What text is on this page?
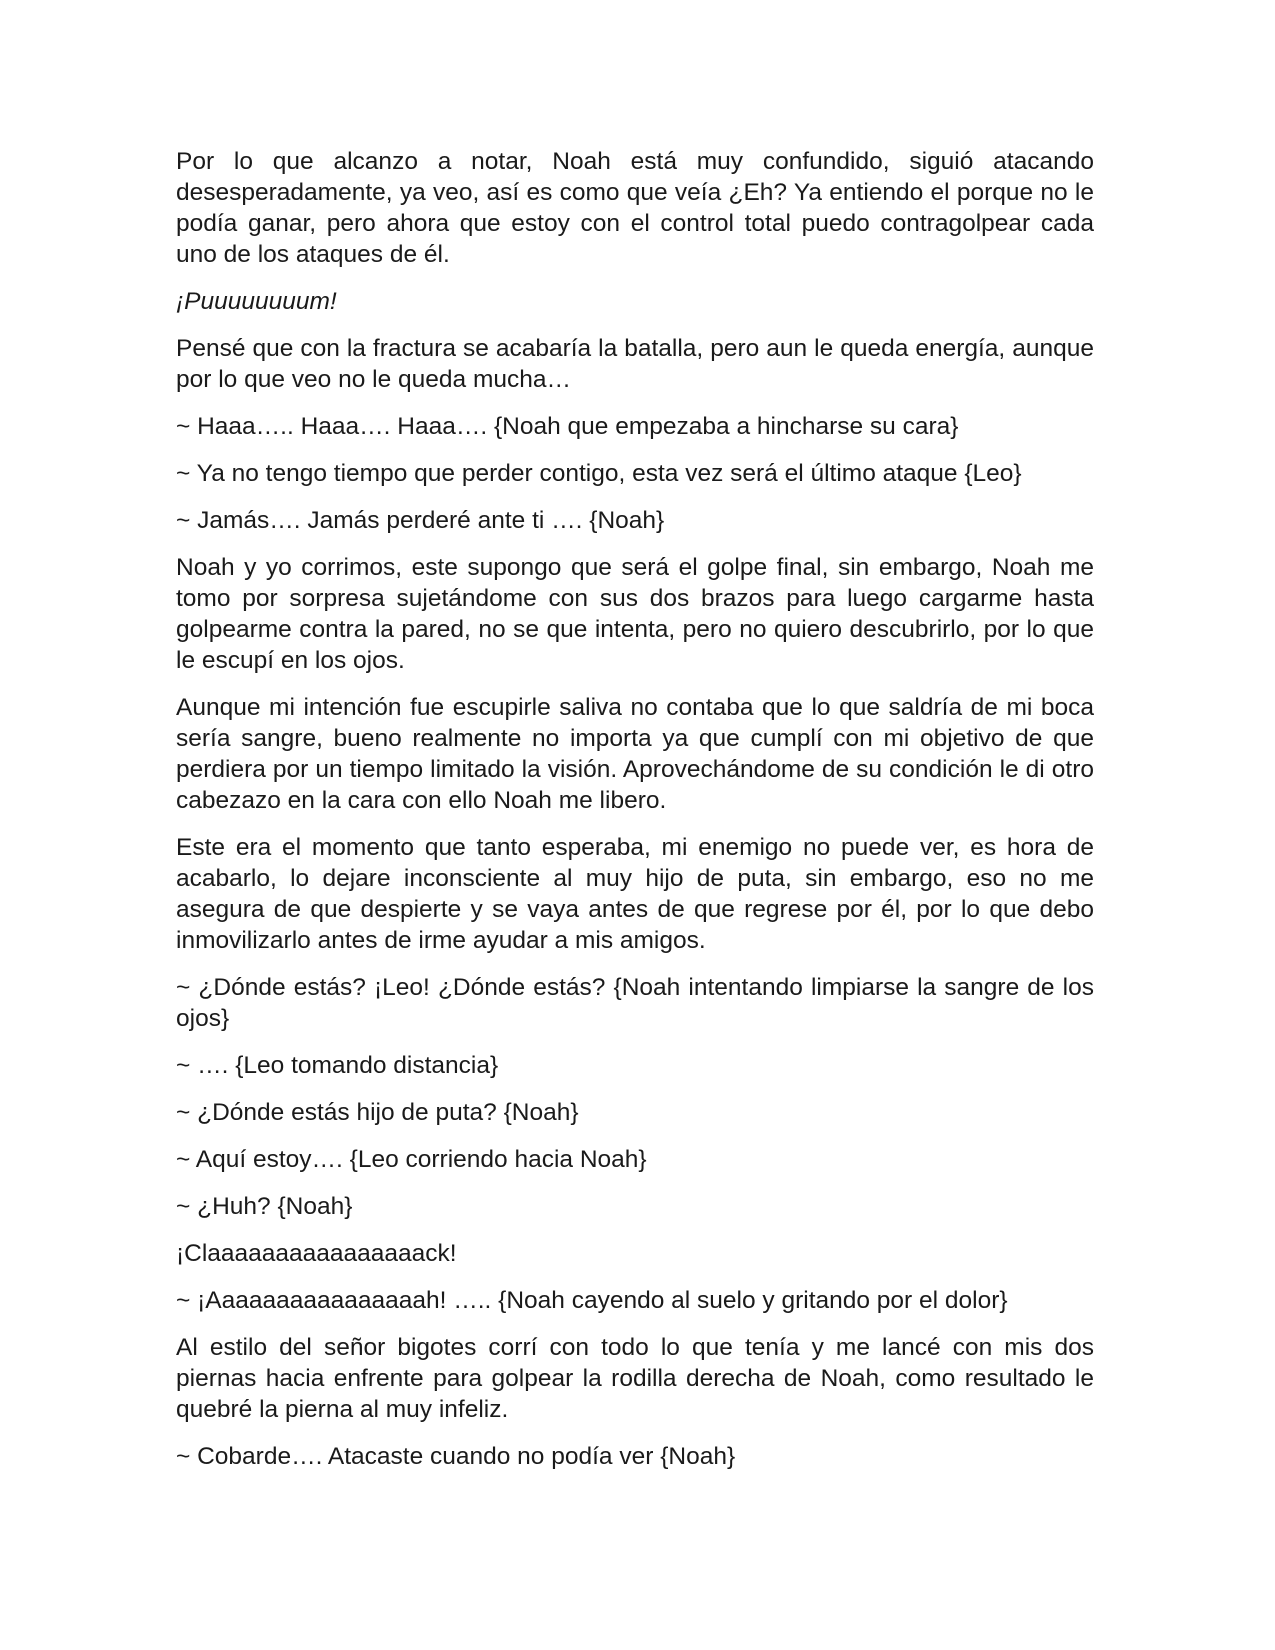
Por lo que alcanzo a notar, Noah está muy confundido, siguió atacando desesperadamente, ya veo, así es como que veía ¿Eh? Ya entiendo el porque no le podía ganar, pero ahora que estoy con el control total puedo contragolpear cada uno de los ataques de él.

¡Puuuuuuuum!

Pensé que con la fractura se acabaría la batalla, pero aun le queda energía, aunque por lo que veo no le queda mucha…

~ Haaa….. Haaa…. Haaa…. {Noah que empezaba a hincharse su cara}

~ Ya no tengo tiempo que perder contigo, esta vez será el último ataque {Leo}

~ Jamás…. Jamás perderé ante ti …. {Noah}

Noah y yo corrimos, este supongo que será el golpe final, sin embargo, Noah me tomo por sorpresa sujetándome con sus dos brazos para luego cargarme hasta golpearme contra la pared, no se que intenta, pero no quiero descubrirlo, por lo que le escupí en los ojos.

Aunque mi intención fue escupirle saliva no contaba que lo que saldría de mi boca sería sangre, bueno realmente no importa ya que cumplí con mi objetivo de que perdiera por un tiempo limitado la visión. Aprovechándome de su condición le di otro cabezazo en la cara con ello Noah me libero.

Este era el momento que tanto esperaba, mi enemigo no puede ver, es hora de acabarlo, lo dejare inconsciente al muy hijo de puta, sin embargo, eso no me asegura de que despierte y se vaya antes de que regrese por él, por lo que debo inmovilizarlo antes de irme ayudar a mis amigos.

~ ¿Dónde estás? ¡Leo! ¿Dónde estás? {Noah intentando limpiarse la sangre de los ojos}

~ …. {Leo tomando distancia}

~ ¿Dónde estás hijo de puta? {Noah}

~ Aquí estoy…. {Leo corriendo hacia Noah}

~ ¿Huh? {Noah}

¡Claaaaaaaaaaaaaaaack!

~ ¡Aaaaaaaaaaaaaaaah! ….. {Noah cayendo al suelo y gritando por el dolor}

Al estilo del señor bigotes corrí con todo lo que tenía y me lancé con mis dos piernas hacia enfrente para golpear la rodilla derecha de Noah, como resultado le quebré la pierna al muy infeliz.

~ Cobarde…. Atacaste cuando no podía ver {Noah}
